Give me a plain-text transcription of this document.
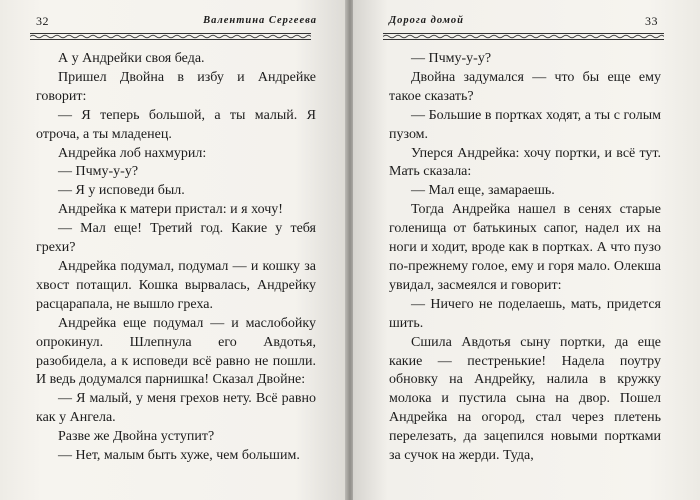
32	Валентина Сергеева

А у Андрейки своя беда.

Пришел Двойна в избу и Андрейке говорит:

— Я теперь большой, а ты малый. Я отроча, а ты младенец.

Андрейка лоб нахмурил:

— Пчму-у-у?

— Я у исповеди был.

Андрейка к матери пристал: и я хочу!

— Мал еще! Третий год. Какие у тебя грехи?

Андрейка подумал, подумал — и кошку за хвост потащил. Кошка вырвалась, Андрейку расцарапала, не вышло греха.

Андрейка еще подумал — и маслобойку опрокинул. Шлепнула его Авдотья, разобидела, а к исповеди всё равно не пошли. И ведь додумался парнишка! Сказал Двойне:

— Я малый, у меня грехов нету. Всё равно как у Ангела.

Разве же Двойна уступит?

— Нет, малым быть хуже, чем большим.

Дорога домой	33

— Пчму-у-у?

Двойна задумался — что бы еще ему такое сказать?

— Большие в портках ходят, а ты с голым пузом.

Уперся Андрейка: хочу портки, и всё тут. Мать сказала:

— Мал еще, замараешь.

Тогда Андрейка нашел в сенях старые голенища от батькиных сапог, надел их на ноги и ходит, вроде как в портках. А что пузо по-прежнему голое, ему и горя мало. Олекша увидал, засмеялся и говорит:

— Ничего не поделаешь, мать, придется шить.

Сшила Авдотья сыну портки, да еще какие — пестренькие! Надела поутру обновку на Андрейку, налила в кружку молока и пустила сына на двор. Пошел Андрейка на огород, стал через плетень перелезать, да зацепился новыми портками за сучок на жерди. Туда,
